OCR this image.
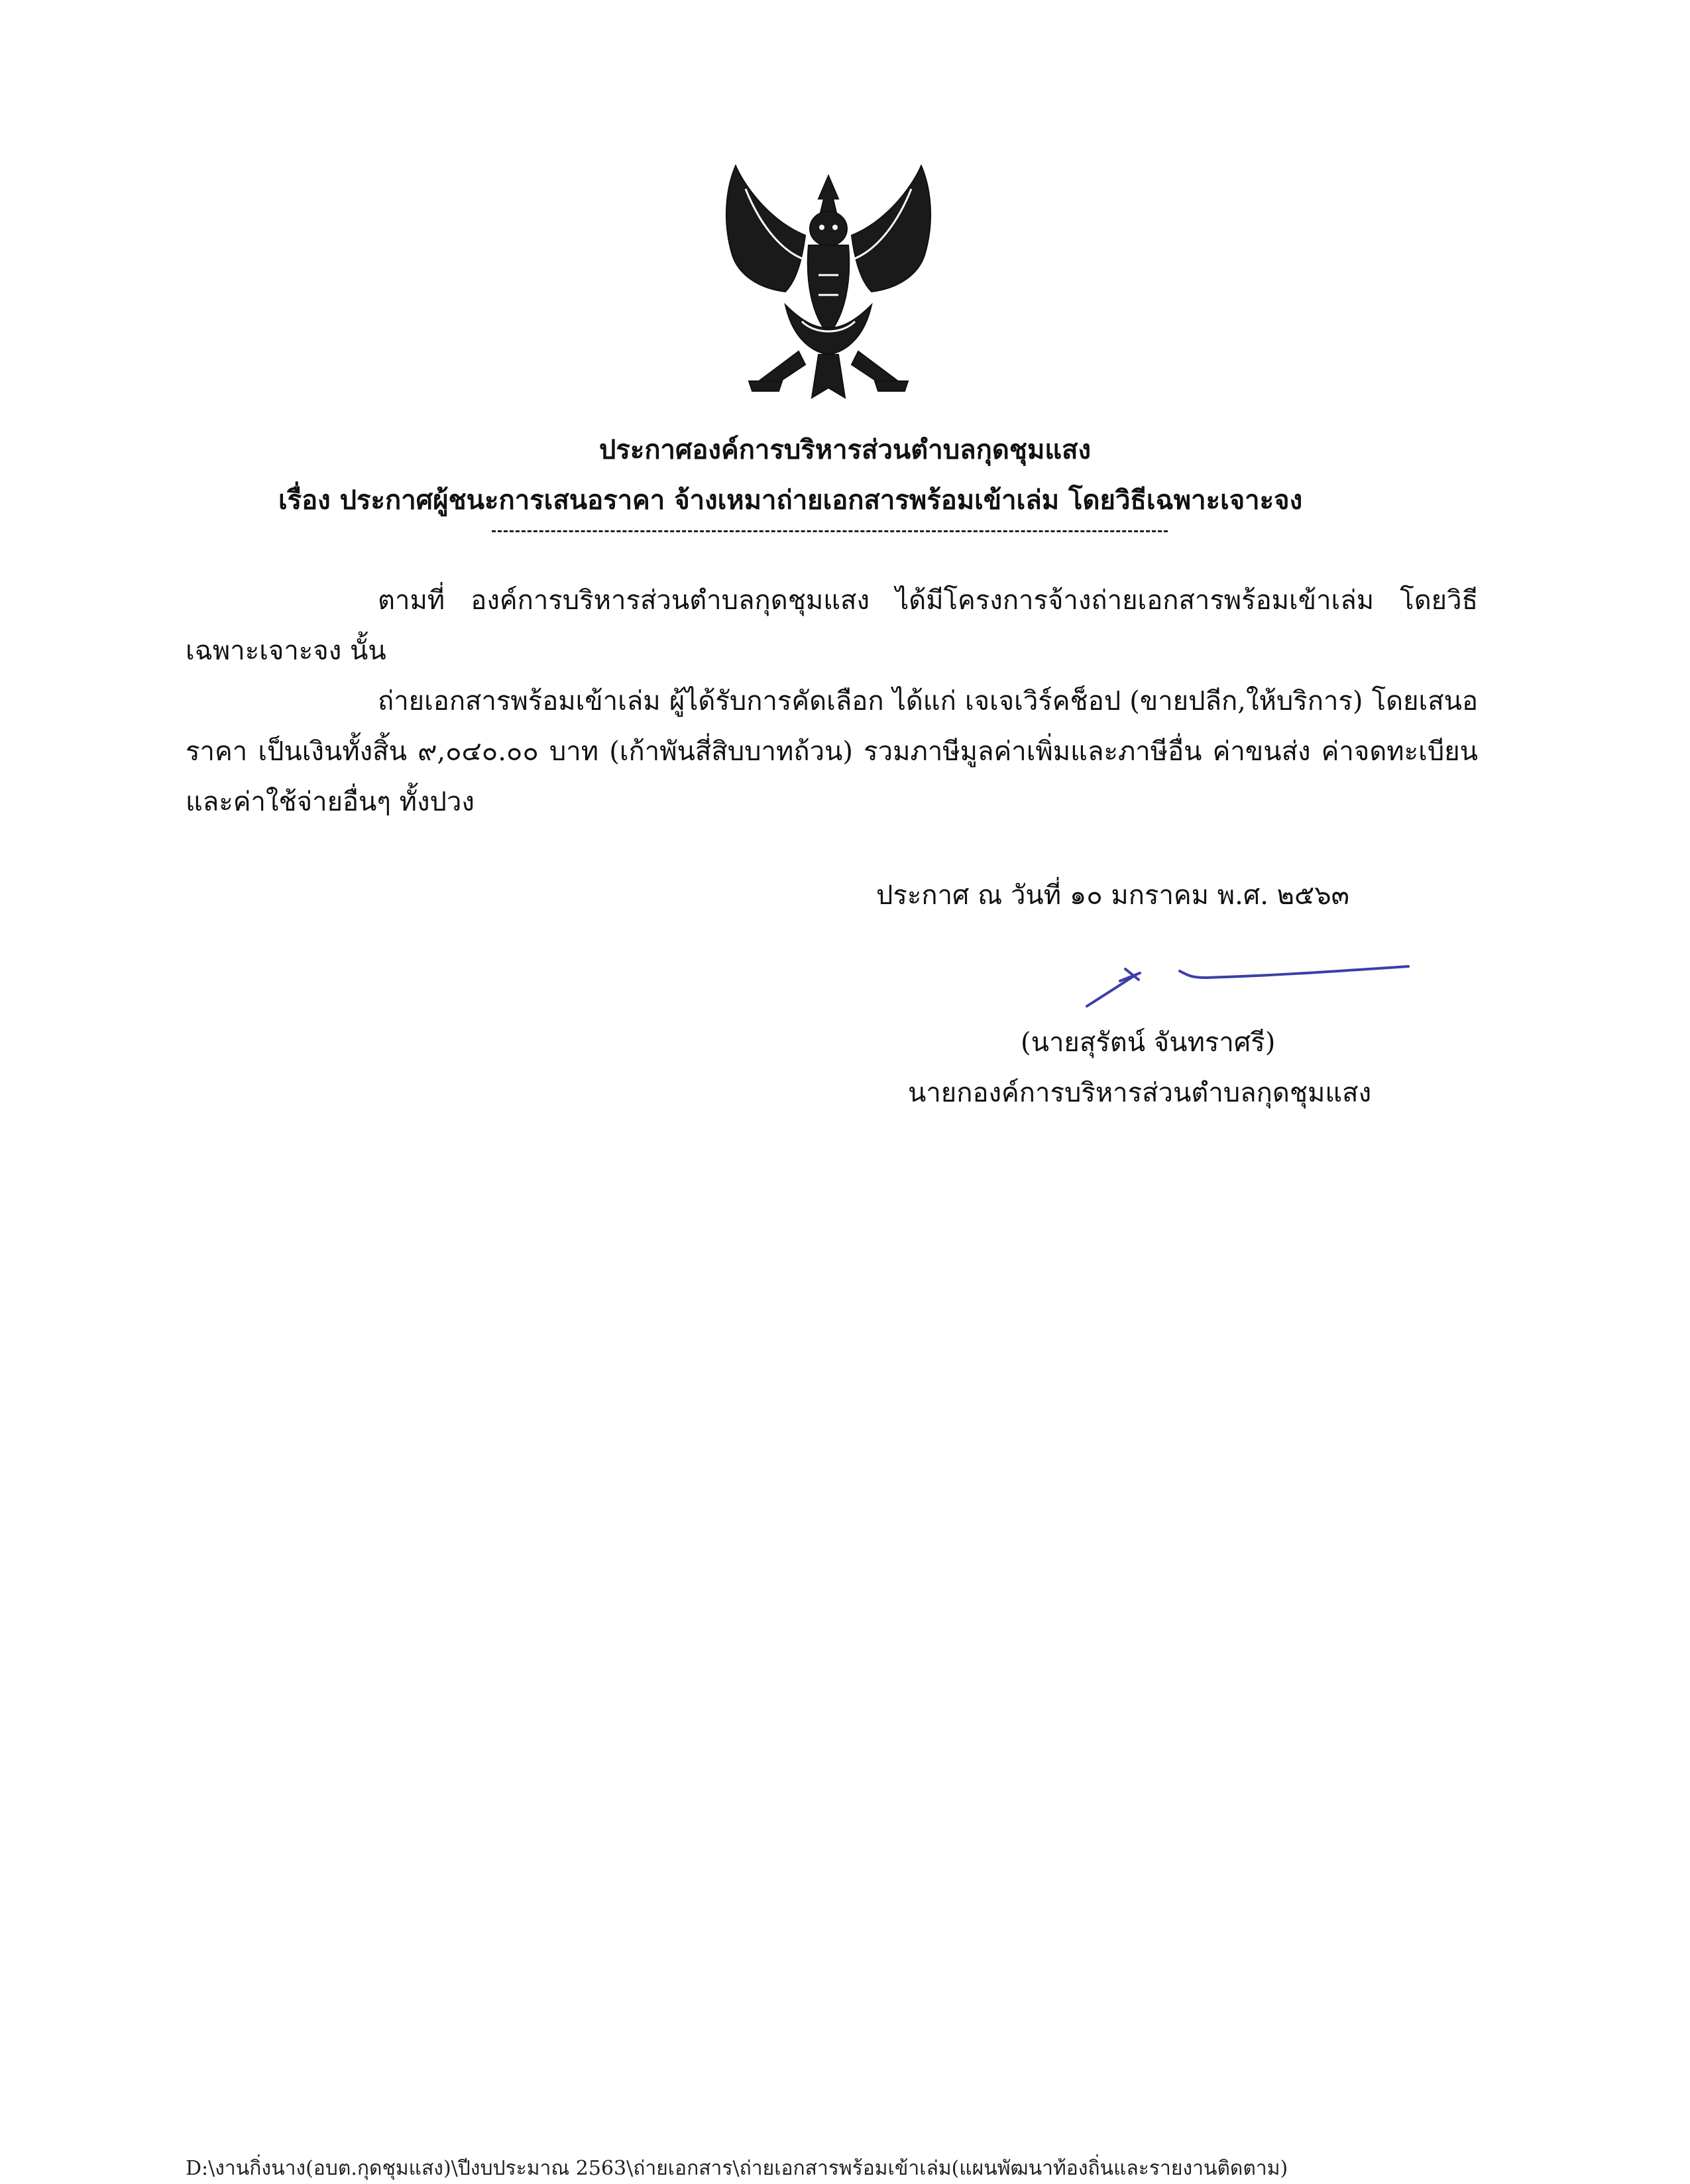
ประกาศองค์การบริหารส่วนตำบลกุดชุมแสง
เรื่อง ประกาศผู้ชนะการเสนอราคา จ้างเหมาถ่ายเอกสารพร้อมเข้าเล่ม โดยวิธีเฉพาะเจาะจง
ตามที่ องค์การบริหารส่วนตำบลกุดชุมแสง ได้มีโครงการจ้างถ่ายเอกสารพร้อมเข้าเล่ม โดยวิธีเฉพาะเจาะจง นั้น
ถ่ายเอกสารพร้อมเข้าเล่ม ผู้ได้รับการคัดเลือก ได้แก่ เจเจเวิร์คช็อป (ขายปลีก,ให้บริการ) โดยเสนอราคา เป็นเงินทั้งสิ้น ๙,๐๔๐.๐๐ บาท (เก้าพันสี่สิบบาทถ้วน) รวมภาษีมูลค่าเพิ่มและภาษีอื่น ค่าขนส่ง ค่าจดทะเบียน และค่าใช้จ่ายอื่นๆ ทั้งปวง
ประกาศ ณ วันที่ ๑๐ มกราคม พ.ศ. ๒๕๖๓
(นายสุรัตน์ จันทราศรี)
นายกองค์การบริหารส่วนตำบลกุดชุมแสง
D:\งานกิ่งนาง(อบต.กุดชุมแสง)\ปีงบประมาณ 2563\ถ่ายเอกสาร\ถ่ายเอกสารพร้อมเข้าเล่ม(แผนพัฒนาท้องถิ่นและรายงานติดตาม)
